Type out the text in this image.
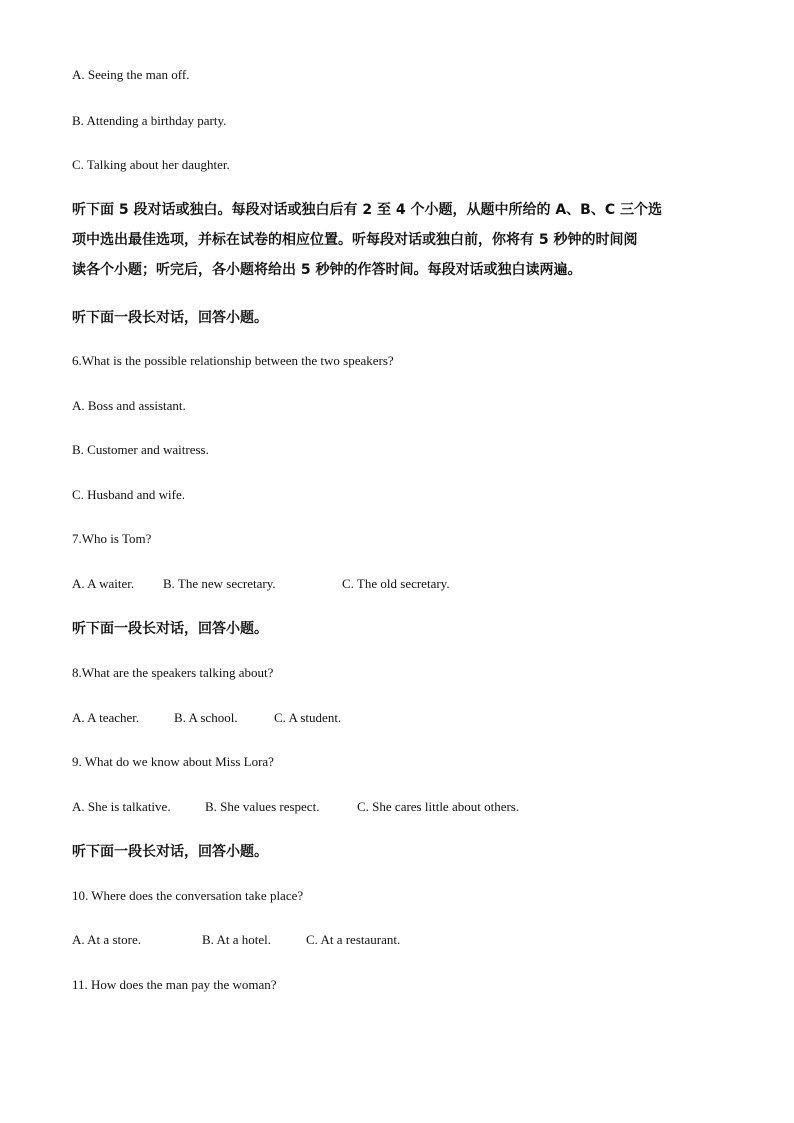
A. Seeing the man off.
B. Attending a birthday party.
C. Talking about her daughter.
听下面 5 段对话或独白。每段对话或独白后有 2 至 4 个小题，从题中所给的 A、B、C 三个选
项中选出最佳选项，并标在试卷的相应位置。听每段对话或独白前，你将有 5 秒钟的时间阅
读各个小题；听完后，各小题将给出 5 秒钟的作答时间。每段对话或独白读两遍。
听下面一段长对话，回答小题。
6.What is the possible relationship between the two speakers?
A. Boss and assistant.
B. Customer and waitress.
C. Husband and wife.
7.Who is Tom?
A. A waiter. B. The new secretary.	C. The old secretary.
听下面一段长对话，回答小题。
8.What are the speakers talking about?
A. A teacher.	B. A school.	C. A student.
9. What do we know about Miss Lora?
A. She is talkative.	B. She values respect.	C. She cares little about others.
听下面一段长对话，回答小题。
10. Where does the conversation take place?
A. At a store.	B. At a hotel.	C. At a restaurant.
11. How does the man pay the woman?
